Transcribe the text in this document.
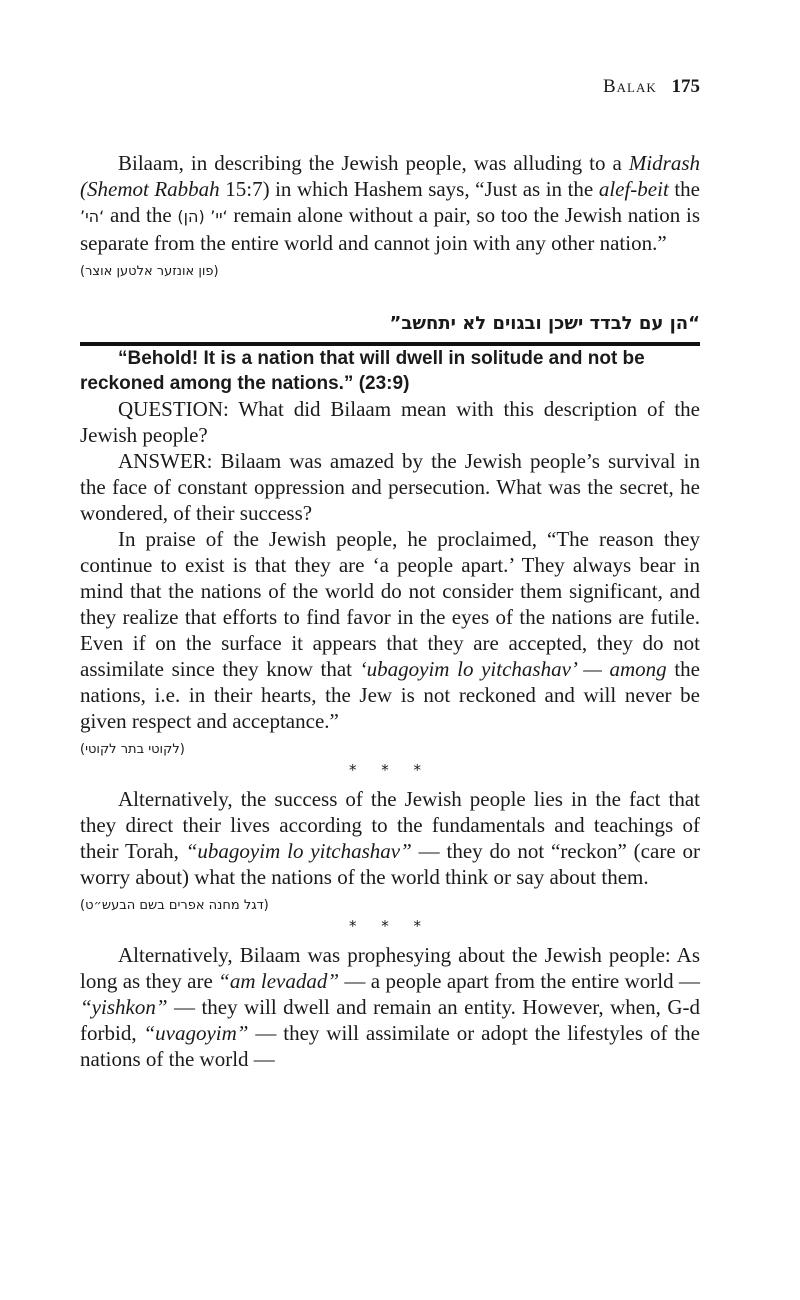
Balak 175

Bilaam, in describing the Jewish people, was alluding to a Midrash (Shemot Rabbah 15:7) in which Hashem says, “Just as in the alef-beit the ‘הי’ and the ‘יי’ (הן) remain alone without a pair, so too the Jewish nation is separate from the entire world and cannot join with any other nation.”

(פון אונזער אלטען אוצר)
“הן עם לבדד ישכן ובגוים לא יתחשב”

“Behold! It is a nation that will dwell in solitude and not be reckoned among the nations.” (23:9)

QUESTION: What did Bilaam mean with this description of the Jewish people?

ANSWER: Bilaam was amazed by the Jewish people’s survival in the face of constant oppression and persecution. What was the secret, he wondered, of their success?

In praise of the Jewish people, he proclaimed, “The reason they continue to exist is that they are ‘a people apart.’ They always bear in mind that the nations of the world do not consider them significant, and they realize that efforts to find favor in the eyes of the nations are futile. Even if on the surface it appears that they are accepted, they do not assimilate since they know that ‘ubagoyim lo yitchashav’ — among the nations, i.e. in their hearts, the Jew is not reckoned and will never be given respect and acceptance.”

(לקוטי בתר לקוטי)
* * *

Alternatively, the success of the Jewish people lies in the fact that they direct their lives according to the fundamentals and teachings of their Torah, “ubagoyim lo yitchashav” — they do not “reckon” (care or worry about) what the nations of the world think or say about them.

(דגל מחנה אפרים בשם הבעש״ט)
* * *

Alternatively, Bilaam was prophesying about the Jewish people: As long as they are “am levadad” — a people apart from the entire world — “yishkon” — they will dwell and remain an entity. However, when, G-d forbid, “uvagoyim” — they will assimilate or adopt the lifestyles of the nations of the world —
